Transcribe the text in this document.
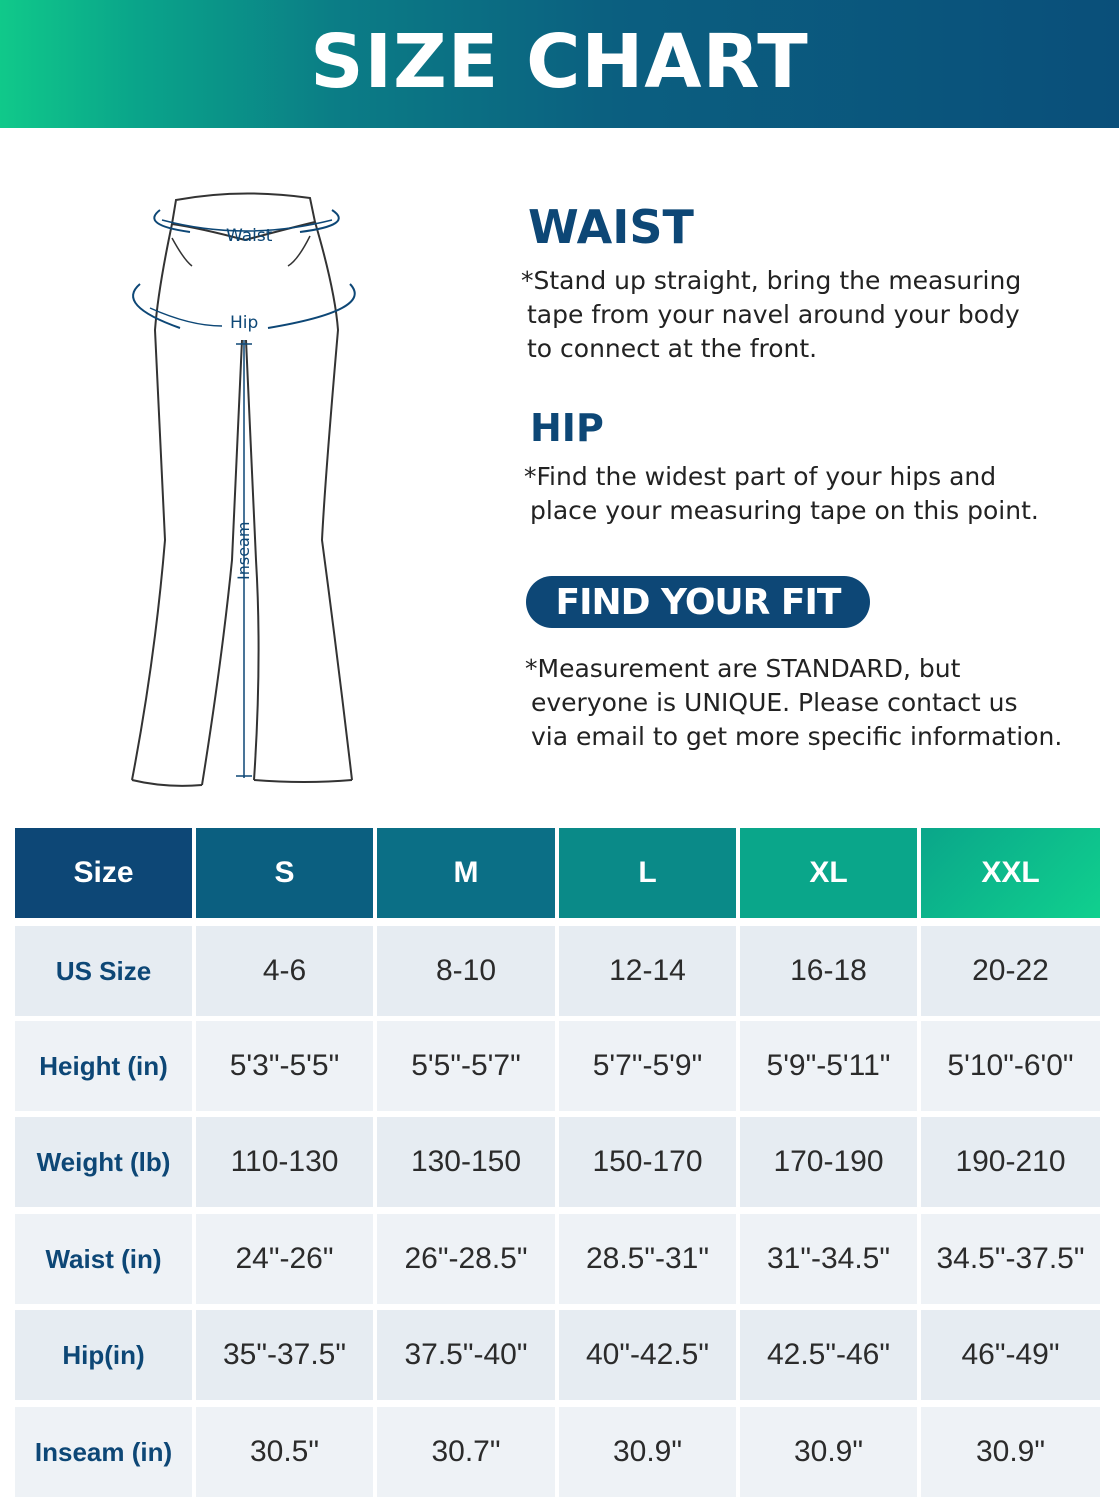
SIZE CHART
Waist
Hip
Inseam
WAIST
*Stand up straight, bring the measuring
tape from your navel around your body
to connect at the front.
HIP
*Find the widest part of your hips and
place your measuring tape on this point.
FIND YOUR FIT
*Measurement are STANDARD, but
everyone is UNIQUE. Please contact us
via email to get more specific information.
Size	S	M	L	XL	XXL
US Size	4-6	8-10	12-14	16-18	20-22
Height (in)	5'3"-5'5"	5'5"-5'7"	5'7"-5'9"	5'9"-5'11"	5'10"-6'0"
Weight (lb)	110-130	130-150	150-170	170-190	190-210
Waist (in)	24"-26"	26"-28.5"	28.5"-31"	31"-34.5"	34.5"-37.5"
Hip(in)	35"-37.5"	37.5"-40"	40"-42.5"	42.5"-46"	46"-49"
Inseam (in)	30.5"	30.7"	30.9"	30.9"	30.9"
